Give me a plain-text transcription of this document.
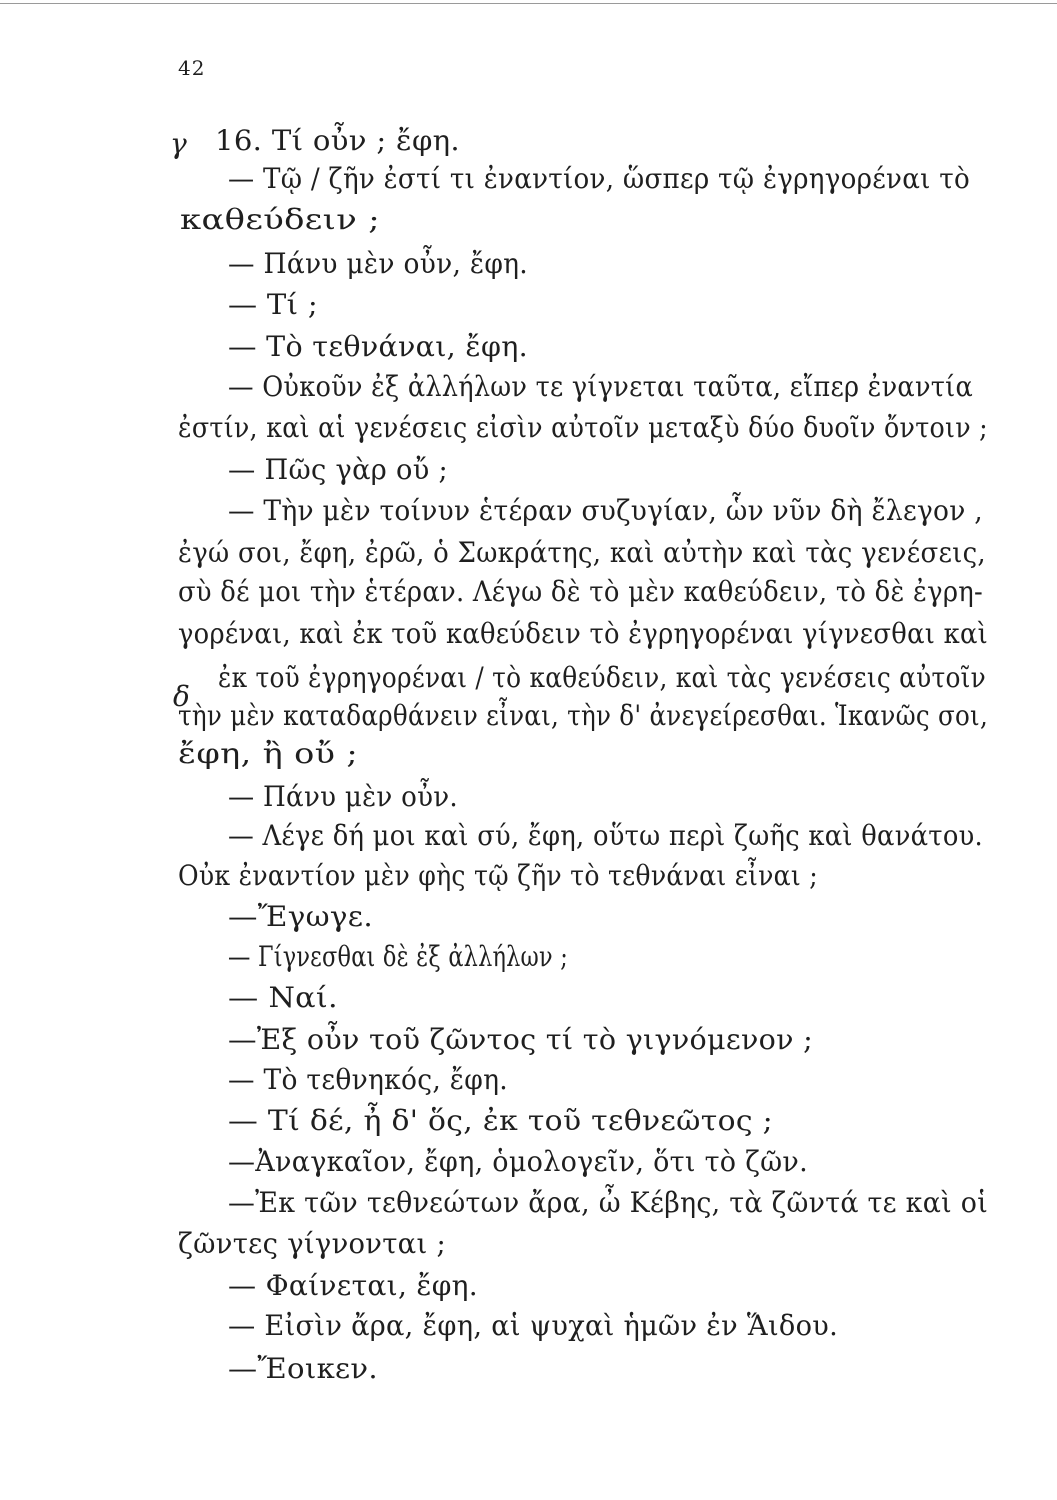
42
γ
δ
16. Τί οὖν ; ἔφη.
— Τῷ / ζῆν ἐστί τι ἐναντίον, ὥσπερ τῷ ἐγρηγορέναι τὸ
καθεύδειν ;
— Πάνυ μὲν οὖν, ἔφη.
— Τί ;
— Τὸ τεθνάναι, ἔφη.
— Οὐκοῦν ἐξ ἀλλήλων τε γίγνεται ταῦτα, εἴπερ ἐναντία
ἐστίν, καὶ αἱ γενέσεις εἰσὶν αὐτοῖν μεταξὺ δύο δυοῖν ὄντοιν ;
— Πῶς γὰρ οὔ ;
— Τὴν μὲν τοίνυν ἑτέραν συζυγίαν, ὧν νῦν δὴ ἔλεγον ,
ἐγώ σοι, ἔφη, ἐρῶ, ὁ Σωκράτης, καὶ αὐτὴν καὶ τὰς γενέσεις,
σὺ δέ μοι τὴν ἑτέραν. Λέγω δὲ τὸ μὲν καθεύδειν, τὸ δὲ ἐγρη-
γορέναι, καὶ ἐκ τοῦ καθεύδειν τὸ ἐγρηγορέναι γίγνεσθαι καὶ
ἐκ τοῦ ἐγρηγορέναι / τὸ καθεύδειν, καὶ τὰς γενέσεις αὐτοῖν
τὴν μὲν καταδαρθάνειν εἶναι, τὴν δ' ἀνεγείρεσθαι. Ἱκανῶς σοι,
ἔφη, ἢ οὔ ;
— Πάνυ μὲν οὖν.
— Λέγε δή μοι καὶ σύ, ἔφη, οὕτω περὶ ζωῆς καὶ θανάτου.
Οὐκ ἐναντίον μὲν φὴς τῷ ζῆν τὸ τεθνάναι εἶναι ;
—Ἔγωγε.
— Γίγνεσθαι δὲ ἐξ ἀλλήλων ;
— Ναί.
—Ἐξ οὖν τοῦ ζῶντος τί τὸ γιγνόμενον ;
— Τὸ τεθνηκός, ἔφη.
— Τί δέ, ἦ δ' ὅς, ἐκ τοῦ τεθνεῶτος ;
—Ἀναγκαῖον, ἔφη, ὁμολογεῖν, ὅτι τὸ ζῶν.
—Ἐκ τῶν τεθνεώτων ἄρα, ὦ Κέβης, τὰ ζῶντά τε καὶ οἱ
ζῶντες γίγνονται ;
— Φαίνεται, ἔφη.
— Εἰσὶν ἄρα, ἔφη, αἱ ψυχαὶ ἡμῶν ἐν Ἅιδου.
—Ἔοικεν.
